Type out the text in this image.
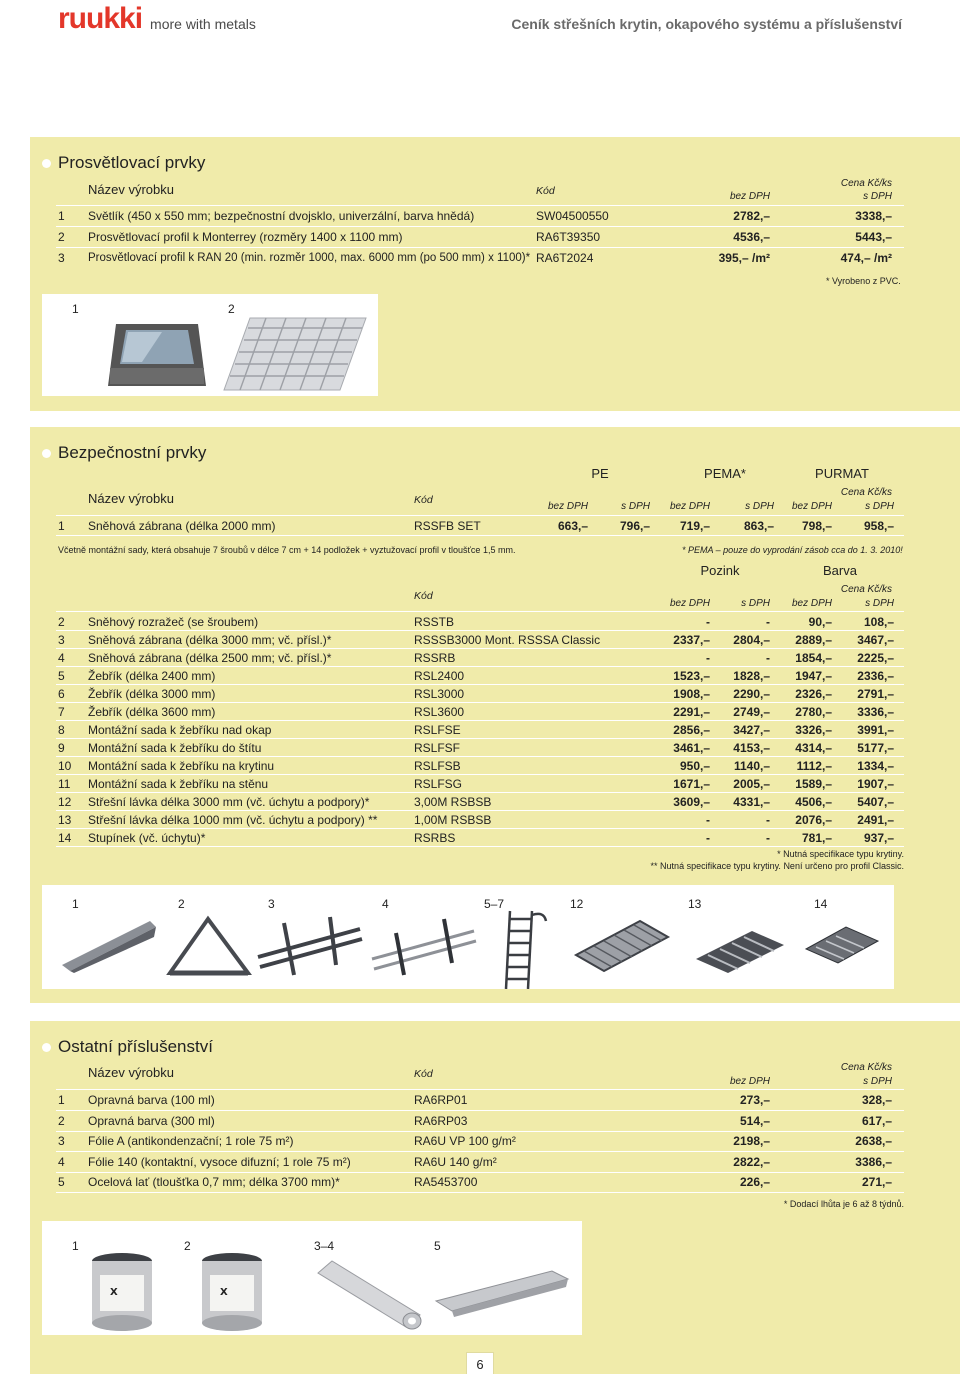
ruukki more with metals	Ceník střešních krytin, okapového systému a příslušenství
Prosvětlovací prvky
Název výrobku	Kód
Cena Kč/ks
bez DPH	s DPH
1 Světlík (450 x 550 mm; bezpečnostní dvojsklo, univerzální, barva hnědá)	SW04500550	2782,–	3338,–
2 Prosvětlovací profil k Monterrey (rozměry 1400 x 1100 mm)	RA6T39350	4536,–	5443,–
3 Prosvětlovací profil k RAN 20 (min. rozměr 1000, max. 6000 mm (po 500 mm) x 1100)* RA6T2024	395,– /m²	474,– /m²
* Vyrobeno z PVC.
1	2
Bezpečnostní prvky
PE	PEMA*	PURMAT
Název výrobku	Kód
Cena Kč/ks
bez DPH	s DPH	bez DPH	s DPH	bez DPH	s DPH
1 Sněhová zábrana (délka 2000 mm)	RSSFB SET	663,–	796,–	719,–	863,–	798,–	958,–
Včetně montážní sady, která obsahuje 7 šroubů v délce 7 cm + 14 podložek + vyztužovací profil v tloušťce 1,5 mm.	* PEMA – pouze do vyprodání zásob cca do 1. 3. 2010!
Pozink	Barva
Kód
Cena Kč/ks
bez DPH	s DPH	bez DPH	s DPH
2 Sněhový rozražeč (se šroubem)	RSSTB	-	-	90,–	108,–
3 Sněhová zábrana (délka 3000 mm; vč. přísl.)*	RSSSB3000 Mont. RSSSA Classic	2337,–	2804,–	2889,–	3467,–
4 Sněhová zábrana (délka 2500 mm; vč. přísl.)*	RSSRB	-	-	1854,–	2225,–
5 Žebřík (délka 2400 mm)	RSL2400	1523,–	1828,–	1947,–	2336,–
6 Žebřík (délka 3000 mm)	RSL3000	1908,–	2290,–	2326,–	2791,–
7 Žebřík (délka 3600 mm)	RSL3600	2291,–	2749,–	2780,–	3336,–
8 Montážní sada k žebříku nad okap	RSLFSE	2856,–	3427,–	3326,–	3991,–
9 Montážní sada k žebříku do štítu	RSLFSF	3461,–	4153,–	4314,–	5177,–
10 Montážní sada k žebříku na krytinu	RSLFSB	950,–	1140,–	1112,–	1334,–
11 Montážní sada k žebříku na stěnu	RSLFSG	1671,–	2005,–	1589,–	1907,–
12 Střešní lávka délka 3000 mm (vč. úchytu a podpory)*	3,00M RSBSB	3609,–	4331,–	4506,–	5407,–
13 Střešní lávka délka 1000 mm (vč. úchytu a podpory) **	1,00M RSBSB	-	-	2076,–	2491,–
14 Stupínek (vč. úchytu)*	RSRBS	-	-	781,–	937,–
* Nutná specifikace typu krytiny.
** Nutná specifikace typu krytiny. Není určeno pro profil Classic.
1	2	3	4	5–7	12	13	14
Ostatní příslušenství
Název výrobku	Kód
Cena Kč/ks
bez DPH	s DPH
1 Opravná barva (100 ml)	RA6RP01	273,–	328,–
2 Opravná barva (300 ml)	RA6RP03	514,–	617,–
3 Fólie A (antikondenzační; 1 role 75 m²)	RA6U VP 100 g/m²	2198,–	2638,–
4 Fólie 140 (kontaktní, vysoce difuzní; 1 role 75 m²)	RA6U 140 g/m²	2822,–	3386,–
5 Ocelová lať (tloušťka 0,7 mm; délka 3700 mm)*	RA5453700	226,–	271,–
* Dodací lhůta je 6 až 8 týdnů.
1	2	3–4	5
X	X
6
